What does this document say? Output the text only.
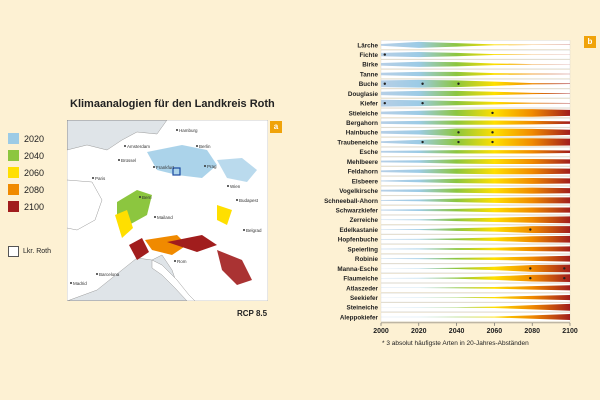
Klimaanalogien für den Landkreis Roth
2020
2040
2060
2080
2100
Lkr. Roth
Hamburg
Berlin
Amsterdam
Brüssel
Frankfurt	Prag
Paris
Wien
Bern
Budapest
Mailand
Belgrad
Madrid
Barcelona
Rom
a
RCP 8.5
Lärche
Fichte
Birke
Tanne
Buche
Douglasie
Kiefer
Stieleiche
Bergahorn
Hainbuche
Traubeneiche
Esche
Mehlbeere
Feldahorn
Elsbeere
Vogelkirsche
Schneeball-Ahorn
Schwarzkiefer
Zerreiche
Edelkastanie
Hopfenbuche
Speierling
Robinie
Manna-Esche
Flaumeiche
Atlaszeder
Seekiefer
Steineiche
Aleppokiefer
2000	2020	2040	2060	2080	2100
b
* 3 absolut häufigste Arten in 20-Jahres-Abständen
